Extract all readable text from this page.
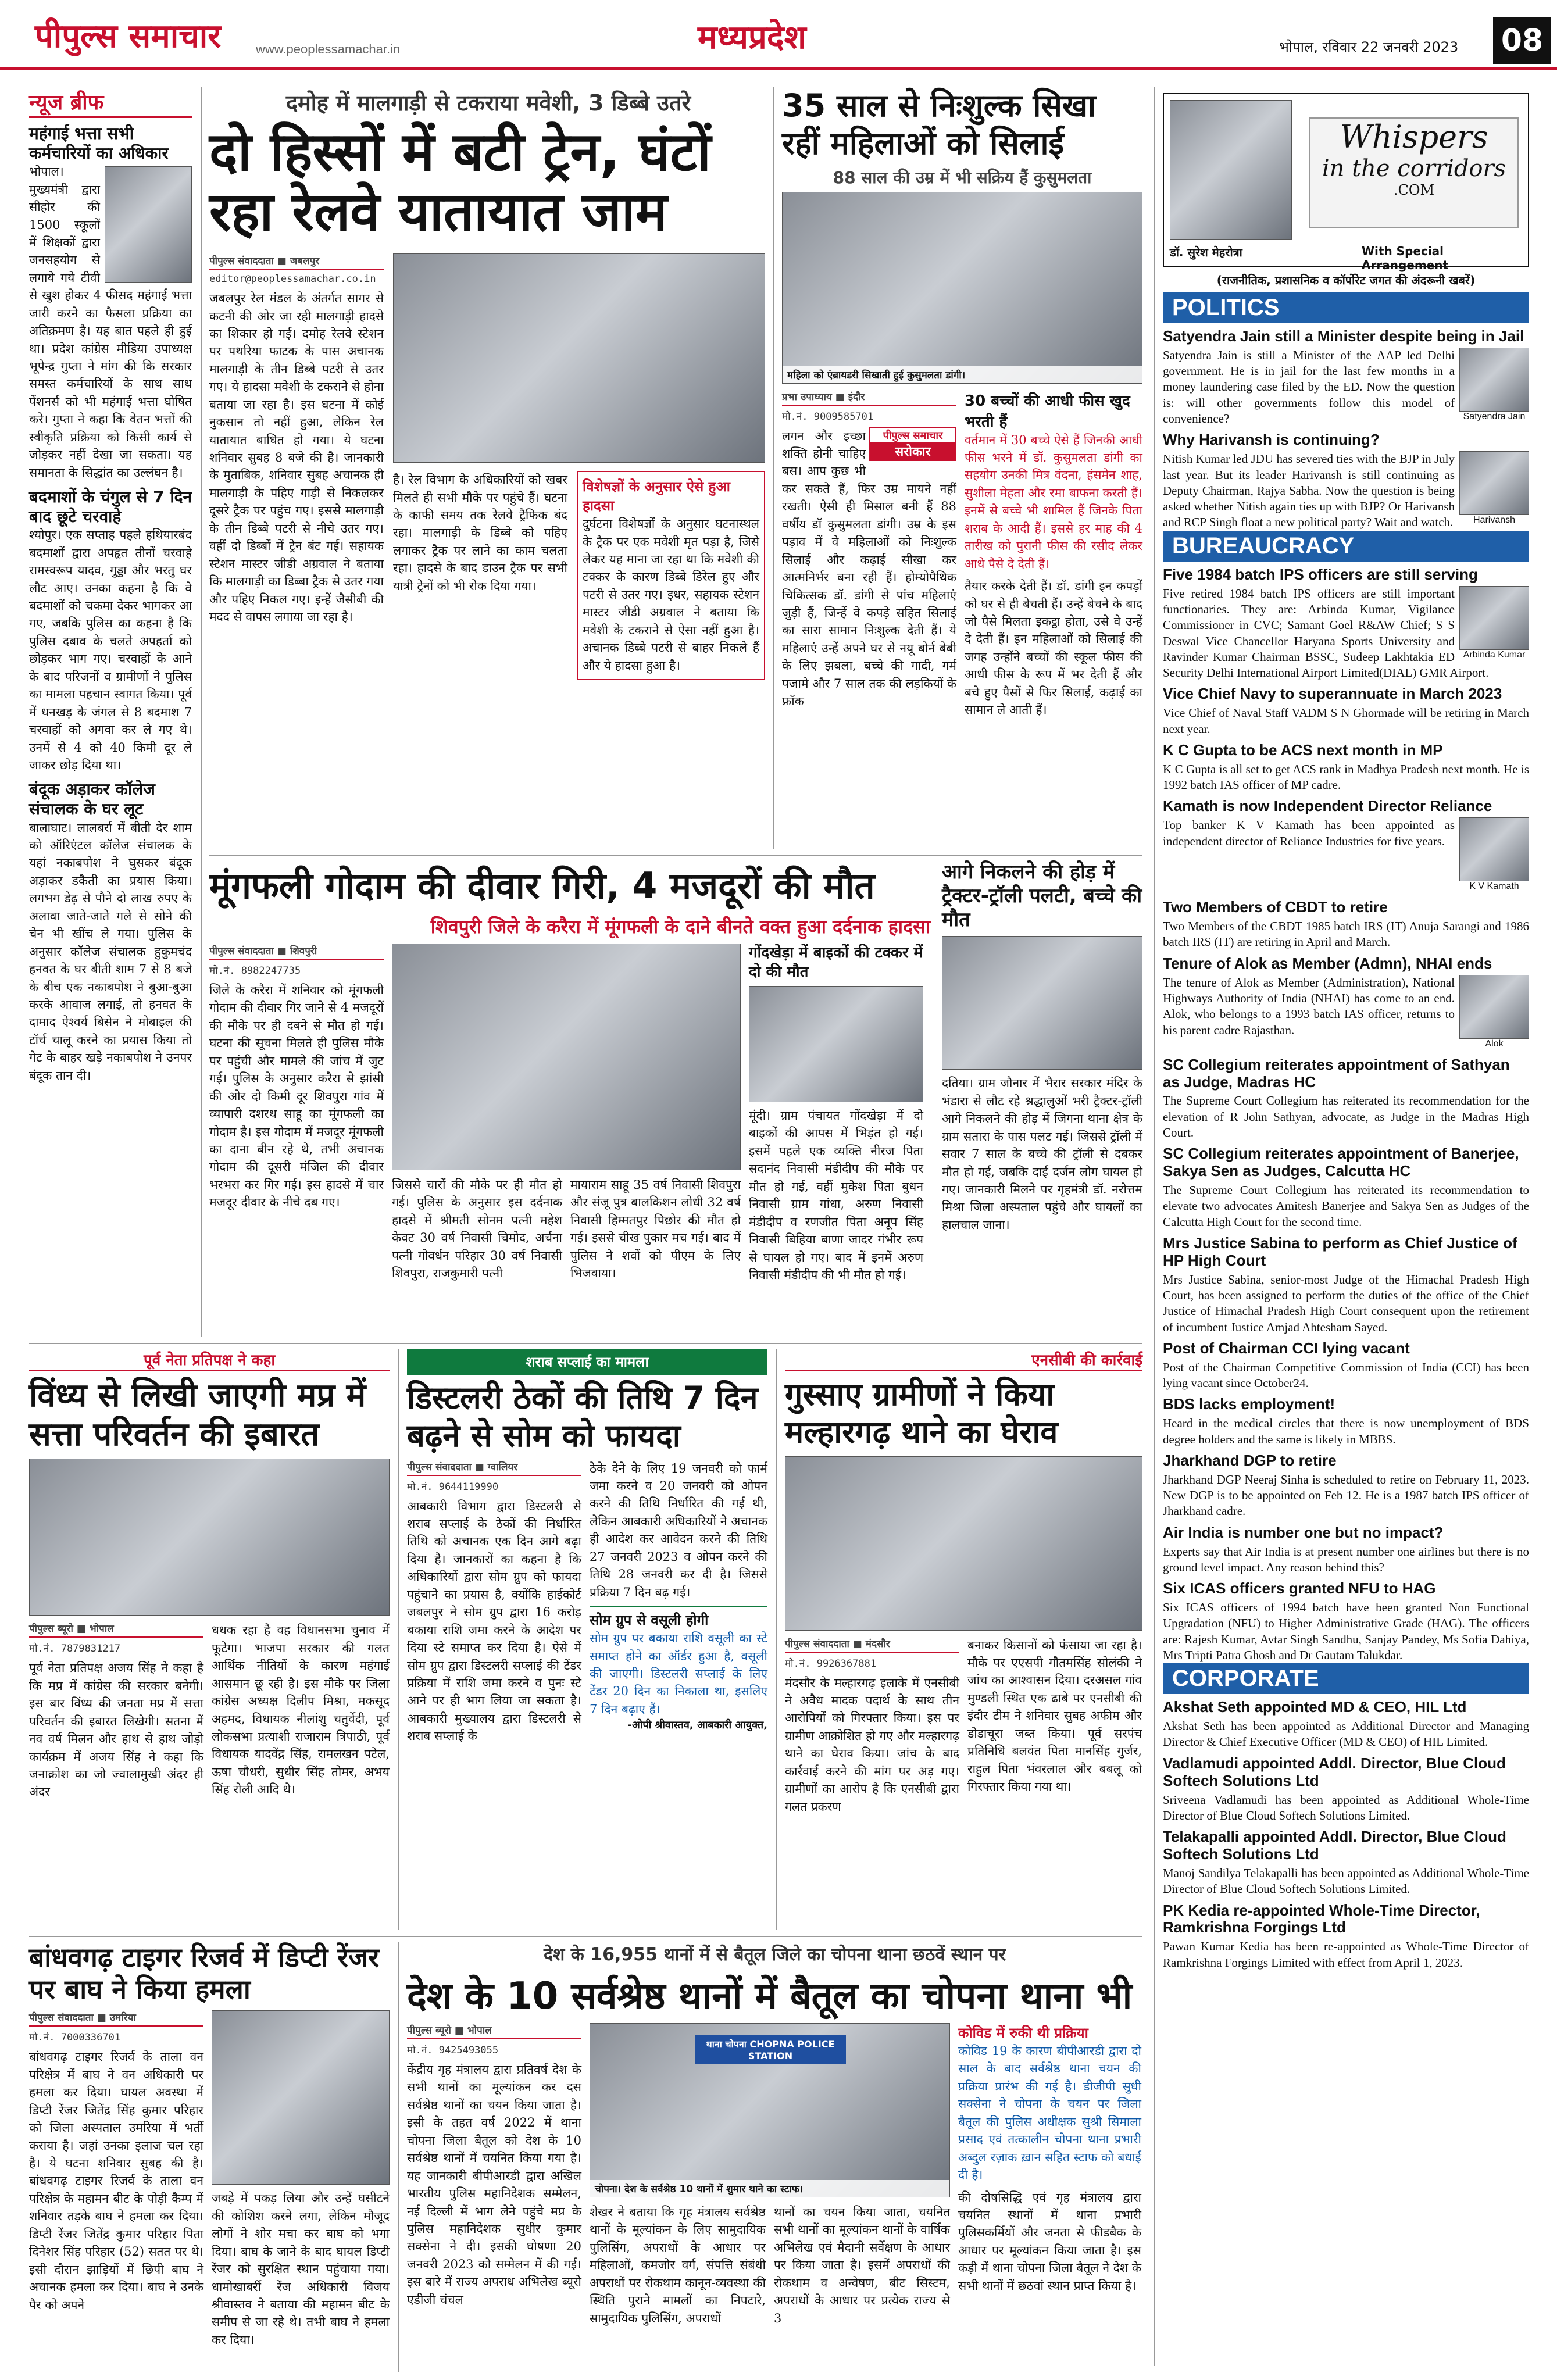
पीपुल्स समाचार	www.peoplessamachar.in	मध्यप्रदेश	भोपाल, रविवार 22 जनवरी 2023 08
न्यूज ब्रीफ
महंगाई भत्ता सभी कर्मचारियों का अधिकार
भोपाल। मुख्यमंत्री द्वारा सीहोर की 1500 स्कूलों में शिक्षकों द्वारा जनसहयोग से लगाये गये टीवी से खुश होकर 4 फीसद महंगाई भत्ता जारी करने का फैसला प्रक्रिया का अतिक्रमण है। यह बात पहले ही हुई था। प्रदेश कांग्रेस मीडिया उपाध्यक्ष भूपेन्द्र गुप्ता ने मांग की कि सरकार समस्त कर्मचारियों के साथ साथ पेंशनर्स को भी महंगाई भत्ता घोषित करे। गुप्ता ने कहा कि वेतन भत्तों की स्वीकृति प्रक्रिया को किसी कार्य से जोड़कर नहीं देखा जा सकता। यह समानता के सिद्धांत का उल्लंघन है।
बदमाशों के चंगुल से 7 दिन बाद छूटे चरवाहे
श्योपुर। एक सप्ताह पहले हथियारबंद बदमाशों द्वारा अपहृत तीनों चरवाहे रामस्वरूप यादव, गुड्डा और भरतु घर लौट आए। उनका कहना है कि वे बदमाशों को चकमा देकर भागकर आ गए, जबकि पुलिस का कहना है कि पुलिस दबाव के चलते अपहर्ता को छोड़कर भाग गए। चरवाहों के आने के बाद परिजनों व ग्रामीणों ने पुलिस का मामला पहचान स्वागत किया। पूर्व में धनखड़ के जंगल से 8 बदमाश 7 चरवाहों को अगवा कर ले गए थे। उनमें से 4 को 40 किमी दूर ले जाकर छोड़ दिया था।
बंदूक अड़ाकर कॉलेज संचालक के घर लूट
बालाघाट। लालबर्रा में बीती देर शाम को ऑरिएंटल कॉलेज संचालक के यहां नकाबपोश ने घुसकर बंदूक अड़ाकर डकैती का प्रयास किया। लगभग डेढ़ से पौने दो लाख रुपए के अलावा जाते-जाते गले से सोने की चेन भी खींच ले गया। पुलिस के अनुसार कॉलेज संचालक हुकुमचंद हनवत के घर बीती शाम 7 से 8 बजे के बीच एक नकाबपोश ने बुआ-बुआ करके आवाज लगाई, तो हनवत के दामाद ऐश्वर्य बिसेन ने मोबाइल की टॉर्च चालू करने का प्रयास किया तो गेट के बाहर खड़े नकाबपोश ने उनपर बंदूक तान दी।
दमोह में मालगाड़ी से टकराया मवेशी, 3 डिब्बे उतरे
दो हिस्सों में बटी ट्रेन, घंटों रहा रेलवे यातायात जाम
पीपुल्स संवाददाता ■ जबलपुर
editor@peoplessamachar.co.in
जबलपुर रेल मंडल के अंतर्गत सागर से कटनी की ओर जा रही मालगाड़ी हादसे का शिकार हो गई। दमोह रेलवे स्टेशन पर पथरिया फाटक के पास अचानक मालगाड़ी के तीन डिब्बे पटरी से उतर गए। ये हादसा मवेशी के टकराने से होना बताया जा रहा है। इस घटना में कोई नुकसान तो नहीं हुआ, लेकिन रेल यातायात बाधित हो गया। ये घटना शनिवार सुबह 8 बजे की है। जानकारी के मुताबिक, शनिवार सुबह अचानक ही मालगाड़ी के पहिए गाड़ी से निकलकर दूसरे ट्रैक पर पहुंच गए। इससे मालगाड़ी के तीन डिब्बे पटरी से नीचे उतर गए। वहीं दो डिब्बों में ट्रेन बंट गई। सहायक स्टेशन मास्टर जीडी अग्रवाल ने बताया कि मालगाड़ी का डिब्बा ट्रैक से उतर गया और पहिए निकल गए। इन्हें जैसीबी की मदद से वापस लगाया जा रहा है।
है। रेल विभाग के अधिकारियों को खबर मिलते ही सभी मौके पर पहुंचे हैं। घटना के काफी समय तक रेलवे ट्रैफिक बंद रहा। मालगाड़ी के डिब्बे को पहिए लगाकर ट्रैक पर लाने का काम चलता रहा। हादसे के बाद डाउन ट्रैक पर सभी यात्री ट्रेनों को भी रोक दिया गया।
विशेषज्ञों के अनुसार ऐसे हुआ हादसा
दुर्घटना विशेषज्ञों के अनुसार घटनास्थल के ट्रैक पर एक मवेशी मृत पड़ा है, जिसे लेकर यह माना जा रहा था कि मवेशी की टक्कर के कारण डिब्बे डिरेल हुए और पटरी से उतर गए। इधर, सहायक स्टेशन मास्टर जीडी अग्रवाल ने बताया कि मवेशी के टकराने से ऐसा नहीं हुआ है। अचानक डिब्बे पटरी से बाहर निकले हैं और ये हादसा हुआ है।
35 साल से निःशुल्क सिखा रहीं महिलाओं को सिलाई
88 साल की उम्र में भी सक्रिय हैं कुसुमलता
महिला को एंब्रायडरी सिखाती हुई कुसुमलता डांगी।
प्रभा उपाध्याय ■ इंदौर
मो.नं. 9009585701
पीपुल्स समाचार
सरोकार
लगन और इच्छा शक्ति होनी चाहिए बस। आप कुछ भी कर सकते हैं, फिर उम्र मायने नहीं रखती। ऐसी ही मिसाल बनी हैं 88 वर्षीय डॉ कुसुमलता डांगी। उम्र के इस पड़ाव में वे महिलाओं को निःशुल्क सिलाई और कढ़ाई सीखा कर आत्मनिर्भर बना रही हैं। होम्योपैथिक चिकित्सक डॉ. डांगी से पांच महिलाएं जुड़ी हैं, जिन्हें वे कपड़े सहित सिलाई का सारा सामान निःशुल्क देती हैं। ये महिलाएं उन्हें अपने घर से नयू बोर्न बेबी के लिए झबला, बच्चे की गादी, गर्म पजामे और 7 साल तक की लड़कियों के फ्रॉक
30 बच्चों की आधी फीस खुद भरती हैं
वर्तमान में 30 बच्चे ऐसे हैं जिनकी आधी फीस भरने में डॉ. कुसुमलता डांगी का सहयोग उनकी मित्र वंदना, हंसमेन शाह, सुशीला मेहता और रमा बाफना करती हैं। इनमें से बच्चे भी शामिल हैं जिनके पिता शराब के आदी हैं। इससे हर माह की 4 तारीख को पुरानी फीस की रसीद लेकर आधे पैसे दे देती हैं।
तैयार करके देती हैं। डॉ. डांगी इन कपड़ों को घर से ही बेचती हैं। उन्हें बेचने के बाद जो पैसे मिलता इकट्ठा होता, उसे वे उन्हें दे देती हैं। इन महिलाओं को सिलाई की जगह उन्होंने बच्चों की स्कूल फीस की आधी फीस के रूप में भर देती हैं और बचे हुए पैसों से फिर सिलाई, कढ़ाई का सामान ले आती हैं।
Whispers
in the corridors
.COM
डॉ. सुरेश मेहरोत्रा	With Special Arrangement
(राजनीतिक, प्रशासनिक व कॉर्पोरेट जगत की अंदरूनी खबरें)
POLITICS
Satyendra Jain still a Minister despite being in Jail
Satyendra Jain
Satyendra Jain is still a Minister of the AAP led Delhi government. He is in jail for the last few months in a money laundering case filed by the ED. Now the question is: will other governments follow this model of convenience?
Why Harivansh is continuing?
Harivansh
Nitish Kumar led JDU has severed ties with the BJP in July last year. But its leader Harivansh is still continuing as Deputy Chairman, Rajya Sabha. Now the question is being asked whether Nitish again ties up with BJP? Or Harivansh and RCP Singh float a new political party? Wait and watch.
BUREAUCRACY
Five 1984 batch IPS officers are still serving
Arbinda Kumar
Five retired 1984 batch IPS officers are still important functionaries. They are: Arbinda Kumar, Vigilance Commissioner in CVC; Samant Goel R&AW Chief; S S Deswal Vice Chancellor Haryana Sports University and Ravinder Kumar Chairman BSSC, Sudeep Lakhtakia ED Security Delhi International Airport Limited(DIAL) GMR Airport.
Vice Chief Navy to superannuate in March 2023
Vice Chief of Naval Staff VADM S N Ghormade will be retiring in March next year.
K C Gupta to be ACS next month in MP
K C Gupta is all set to get ACS rank in Madhya Pradesh next month. He is 1992 batch IAS officer of MP cadre.
Kamath is now Independent Director Reliance
K V Kamath
Top banker K V Kamath has been appointed as independent director of Reliance Industries for five years.
Two Members of CBDT to retire
Two Members of the CBDT 1985 batch IRS (IT) Anuja Sarangi and 1986 batch IRS (IT) are retiring in April and March.
Tenure of Alok as Member (Admn), NHAI ends
Alok
The tenure of Alok as Member (Administration), National Highways Authority of India (NHAI) has come to an end. Alok, who belongs to a 1993 batch IAS officer, returns to his parent cadre Rajasthan.
SC Collegium reiterates appointment of Sathyan as Judge, Madras HC
The Supreme Court Collegium has reiterated its recommendation for the elevation of R John Sathyan, advocate, as Judge in the Madras High Court.
SC Collegium reiterates appointment of Banerjee, Sakya Sen as Judges, Calcutta HC
The Supreme Court Collegium has reiterated its recommendation to elevate two advocates Amitesh Banerjee and Sakya Sen as Judges of the Calcutta High Court for the second time.
Mrs Justice Sabina to perform as Chief Justice of HP High Court
Mrs Justice Sabina, senior-most Judge of the Himachal Pradesh High Court, has been assigned to perform the duties of the office of the Chief Justice of Himachal Pradesh High Court consequent upon the retirement of incumbent Justice Amjad Ahtesham Sayed.
Post of Chairman CCI lying vacant
Post of the Chairman Competitive Commission of India (CCI) has been lying vacant since October24.
BDS lacks employment!
Heard in the medical circles that there is now unemployment of BDS degree holders and the same is likely in MBBS.
Jharkhand DGP to retire
Jharkhand DGP Neeraj Sinha is scheduled to retire on February 11, 2023. New DGP is to be appointed on Feb 12. He is a 1987 batch IPS officer of Jharkhand cadre.
Air India is number one but no impact?
Experts say that Air India is at present number one airlines but there is no ground level impact. Any reason behind this?
Six ICAS officers granted NFU to HAG
Six ICAS officers of 1994 batch have been granted Non Functional Upgradation (NFU) to Higher Administrative Grade (HAG). The officers are: Rajesh Kumar, Avtar Singh Sandhu, Sanjay Pandey, Ms Sofia Dahiya, Mrs Tripti Patra Ghosh and Dr Gautam Talukdar.
CORPORATE
Akshat Seth appointed MD & CEO, HIL Ltd
Akshat Seth has been appointed as Additional Director and Managing Director & Chief Executive Officer (MD & CEO) of HIL Limited.
Vadlamudi appointed Addl. Director, Blue Cloud Softech Solutions Ltd
Sriveena Vadlamudi has been appointed as Additional Whole-Time Director of Blue Cloud Softech Solutions Limited.
Telakapalli appointed Addl. Director, Blue Cloud Softech Solutions Ltd
Manoj Sandilya Telakapalli has been appointed as Additional Whole-Time Director of Blue Cloud Softech Solutions Limited.
PK Kedia re-appointed Whole-Time Director, Ramkrishna Forgings Ltd
Pawan Kumar Kedia has been re-appointed as Whole-Time Director of Ramkrishna Forgings Limited with effect from April 1, 2023.
मूंगफली गोदाम की दीवार गिरी, 4 मजदूरों की मौत
शिवपुरी जिले के करैरा में मूंगफली के दाने बीनते वक्त हुआ दर्दनाक हादसा
पीपुल्स संवाददाता ■ शिवपुरी
मो.नं. 8982247735
जिले के करैरा में शनिवार को मूंगफली गोदाम की दीवार गिर जाने से 4 मजदूरों की मौके पर ही दबने से मौत हो गई। घटना की सूचना मिलते ही पुलिस मौके पर पहुंची और मामले की जांच में जुट गई। पुलिस के अनुसार करैरा से झांसी की ओर दो किमी दूर शिवपुरा गांव में व्यापारी दशरथ साहू का मूंगफली का गोदाम है। इस गोदाम में मजदूर मूंगफली का दाना बीन रहे थे, तभी अचानक गोदाम की दूसरी मंजिल की दीवार भरभरा कर गिर गई। इस हादसे में चार मजदूर दीवार के नीचे दब गए।
जिससे चारों की मौके पर ही मौत हो गई। पुलिस के अनुसार इस दर्दनाक हादसे में श्रीमती सोनम पत्नी महेश केवट 30 वर्ष निवासी चिमोद, अर्चना पत्नी गोवर्धन परिहार 30 वर्ष निवासी शिवपुरा, राजकुमारी पत्नी
मायाराम साहू 35 वर्ष निवासी शिवपुरा और संजू पुत्र बालकिशन लोधी 32 वर्ष निवासी हिम्मतपुर पिछोर की मौत हो गई। इससे चीख पुकार मच गई। बाद में पुलिस ने शवों को पीएम के लिए भिजवाया।
गोंदखेड़ा में बाइकों की टक्कर में दो की मौत
मूंदी। ग्राम पंचायत गोंदखेड़ा में दो बाइकों की आपस में भिड़ंत हो गई। इसमें पहले एक व्यक्ति नीरज पिता सदानंद निवासी मंडीदीप की मौके पर मौत हो गई, वहीं मुकेश पिता बुधन निवासी ग्राम गांधा, अरुण निवासी मंडीदीप व रणजीत पिता अनूप सिंह निवासी बिहिया बाणा जादर गंभीर रूप से घायल हो गए। बाद में इनमें अरुण निवासी मंडीदीप की भी मौत हो गई।
आगे निकलने की होड़ में ट्रैक्टर-ट्रॉली पलटी, बच्चे की मौत
दतिया। ग्राम जौनार में भैरार सरकार मंदिर के भंडारा से लौट रहे श्रद्धालुओं भरी ट्रैक्टर-ट्रॉली आगे निकलने की होड़ में जिगना थाना क्षेत्र के ग्राम सतारा के पास पलट गई। जिससे ट्रॉली में सवार 7 साल के बच्चे की ट्रॉली से दबकर मौत हो गई, जबकि दाई दर्जन लोग घायल हो गए। जानकारी मिलने पर गृहमंत्री डॉ. नरोत्तम मिश्रा जिला अस्पताल पहुंचे और घायलों का हालचाल जाना।
पूर्व नेता प्रतिपक्ष ने कहा
विंध्य से लिखी जाएगी मप्र में सत्ता परिवर्तन की इबारत
पीपुल्स ब्यूरो ■ भोपाल
मो.नं. 7879831217
पूर्व नेता प्रतिपक्ष अजय सिंह ने कहा है कि मप्र में कांग्रेस की सरकार बनेगी। इस बार विंध्य की जनता मप्र में सत्ता परिवर्तन की इबारत लिखेगी। सतना में नव वर्ष मिलन और हाथ से हाथ जोड़ो कार्यक्रम में अजय सिंह ने कहा कि जनाक्रोश का जो ज्वालामुखी अंदर ही अंदर
धधक रहा है वह विधानसभा चुनाव में फूटेगा। भाजपा सरकार की गलत आर्थिक नीतियों के कारण महंगाई आसमान छू रही है। इस मौके पर जिला कांग्रेस अध्यक्ष दिलीप मिश्रा, मकसूद अहमद, विधायक नीलांशु चतुर्वेदी, पूर्व लोकसभा प्रत्याशी राजाराम त्रिपाठी, पूर्व विधायक यादवेंद्र सिंह, रामलखन पटेल, ऊषा चौधरी, सुधीर सिंह तोमर, अभय सिंह रोली आदि थे।
शराब सप्लाई का मामला
डिस्टलरी ठेकों की तिथि 7 दिन बढ़ने से सोम को फायदा
पीपुल्स संवाददाता ■ ग्वालियर
मो.नं. 9644119990
आबकारी विभाग द्वारा डिस्टलरी से शराब सप्लाई के ठेकों की निर्धारित तिथि को अचानक एक दिन आगे बढ़ा दिया है। जानकारों का कहना है कि अधिकारियों द्वारा सोम ग्रुप को फायदा पहुंचाने का प्रयास है, क्योंकि हाईकोर्ट जबलपुर ने सोम ग्रुप द्वारा 16 करोड़ बकाया राशि जमा करने के आदेश पर दिया स्टे समाप्त कर दिया है। ऐसे में सोम ग्रुप द्वारा डिस्टलरी सप्लाई की टेंडर प्रक्रिया में राशि जमा करने व पुनः स्टे आने पर ही भाग लिया जा सकता है। आबकारी मुख्यालय द्वारा डिस्टलरी से शराब सप्लाई के
ठेके देने के लिए 19 जनवरी को फार्म जमा करने व 20 जनवरी को ओपन करने की तिथि निर्धारित की गई थी, लेकिन आबकारी अधिकारियों ने अचानक ही आदेश कर आवेदन करने की तिथि 27 जनवरी 2023 व ओपन करने की तिथि 28 जनवरी कर दी है। जिससे प्रक्रिया 7 दिन बढ़ गई।
सोम ग्रुप से वसूली होगी
सोम ग्रुप पर बकाया राशि वसूली का स्टे समाप्त होने का ऑर्डर हुआ है, वसूली की जाएगी। डिस्टलरी सप्लाई के लिए टेंडर 20 दिन का निकाला था, इसलिए 7 दिन बढ़ाए हैं।
-ओपी श्रीवास्तव, आबकारी आयुक्त,
एनसीबी की कार्रवाई
गुस्साए ग्रामीणों ने किया मल्हारगढ़ थाने का घेराव
पीपुल्स संवाददाता ■ मंदसौर
मो.नं. 9926367881
मंदसौर के मल्हारगढ़ इलाके में एनसीबी ने अवैध मादक पदार्थ के साथ तीन आरोपियों को गिरफ्तार किया। इस पर ग्रामीण आक्रोशित हो गए और मल्हारगढ़ थाने का घेराव किया। जांच के बाद कार्रवाई करने की मांग पर अड़ गए। ग्रामीणों का आरोप है कि एनसीबी द्वारा गलत प्रकरण
बनाकर किसानों को फंसाया जा रहा है। मौके पर एएसपी गौतमसिंह सोलंकी ने जांच का आश्वासन दिया। दरअसल गांव मुण्डली स्थित एक ढाबे पर एनसीबी की इंदौर टीम ने शनिवार सुबह अफीम और डोडाचूरा जब्त किया। पूर्व सरपंच प्रतिनिधि बलवंत पिता मानसिंह गुर्जर, राहुल पिता भंवरलाल और बबलू को गिरफ्तार किया गया था।
बांधवगढ़ टाइगर रिजर्व में डिप्टी रेंजर पर बाघ ने किया हमला
पीपुल्स संवाददाता ■ उमरिया
मो.नं. 7000336701
बांधवगढ़ टाइगर रिजर्व के ताला वन परिक्षेत्र में बाघ ने वन अधिकारी पर हमला कर दिया। घायल अवस्था में डिप्टी रेंजर जितेंद्र सिंह कुमार परिहार को जिला अस्पताल उमरिया में भर्ती कराया है। जहां उनका इलाज चल रहा है। ये घटना शनिवार सुबह की है। बांधवगढ़ टाइगर रिजर्व के ताला वन परिक्षेत्र के महामन बीट के पोड़ी कैम्प में शनिवार तड़के बाघ ने हमला कर दिया। डिप्टी रेंजर जितेंद्र कुमार परिहार पिता दिनेशर सिंह परिहार (52) सतत पर थे। इसी दौरान झाड़ियों में छिपी बाघ ने अचानक हमला कर दिया। बाघ ने उनके पैर को अपने
जबड़े में पकड़ लिया और उन्हें घसीटने की कोशिश करने लगा, लेकिन मौजूद लोगों ने शोर मचा कर बाघ को भगा दिया। बाघ के जाने के बाद घायल डिप्टी रेंजर को सुरक्षित स्थान पहुंचाया गया। धामोखाबर्री रेंज अधिकारी विजय श्रीवास्तव ने बताया की महामन बीट के समीप से जा रहे थे। तभी बाघ ने हमला कर दिया।
देश के 16,955 थानों में से बैतूल जिले का चोपना थाना छठवें स्थान पर
देश के 10 सर्वश्रेष्ठ थानों में बैतूल का चोपना थाना भी
पीपुल्स ब्यूरो ■ भोपाल
मो.नं. 9425493055
केंद्रीय गृह मंत्रालय द्वारा प्रतिवर्ष देश के सभी थानों का मूल्यांकन कर दस सर्वश्रेष्ठ थानों का चयन किया जाता है। इसी के तहत वर्ष 2022 में थाना चोपना जिला बैतूल को देश के 10 सर्वश्रेष्ठ थानों में चयनित किया गया है। यह जानकारी बीपीआरडी द्वारा अखिल भारतीय पुलिस महानिदेशक सम्मेलन, नई दिल्ली में भाग लेने पहुंचे मप्र के पुलिस महानिदेशक सुधीर कुमार सक्सेना ने दी। इसकी घोषणा 20 जनवरी 2023 को सम्मेलन में की गई। इस बारे में राज्य अपराध अभिलेख ब्यूरो एडीजी चंचल
थाना चोपना CHOPNA POLICE STATION
चोपना। देश के सर्वश्रेष्ठ 10 थानों में शुमार थाने का स्टाफ।
शेखर ने बताया कि गृह मंत्रालय सर्वश्रेष्ठ थानों के मूल्यांकन के लिए सामुदायिक पुलिसिंग, अपराधों के आधार पर महिलाओं, कमजोर वर्ग, संपत्ति संबंधी अपराधों पर रोकथाम कानून-व्यवस्था की स्थिति पुराने मामलों का निपटारे, सामुदायिक पुलिसिंग, अपराधों
थानों का चयन किया जाता, चयनित सभी थानों का मूल्यांकन थानों के वार्षिक अभिलेख एवं मैदानी सर्वेक्षण के आधार पर किया जाता है। इसमें अपराधों की रोकथाम व अन्वेषण, बीट सिस्टम, अपराधों के आधार पर प्रत्येक राज्य से 3
कोविड में रुकी थी प्रक्रिया
कोविड 19 के कारण बीपीआरडी द्वारा दो साल के बाद सर्वश्रेष्ठ थाना चयन की प्रक्रिया प्रारंभ की गई है। डीजीपी सुधी सक्सेना ने चोपना के चयन पर जिला बैतूल की पुलिस अधीक्षक सुश्री सिमाला प्रसाद एवं तत्कालीन चोपना थाना प्रभारी अब्दुल रज़ाक ख़ान सहित स्टाफ को बधाई दी है।
की दोषसिद्धि एवं गृह मंत्रालय द्वारा चयनित स्थानों में थाना प्रभारी पुलिसकर्मियों और जनता से फीडबैक के आधार पर मूल्यांकन किया जाता है। इस कड़ी में थाना चोपना जिला बैतूल ने देश के सभी थानों में छठवां स्थान प्राप्त किया है।
